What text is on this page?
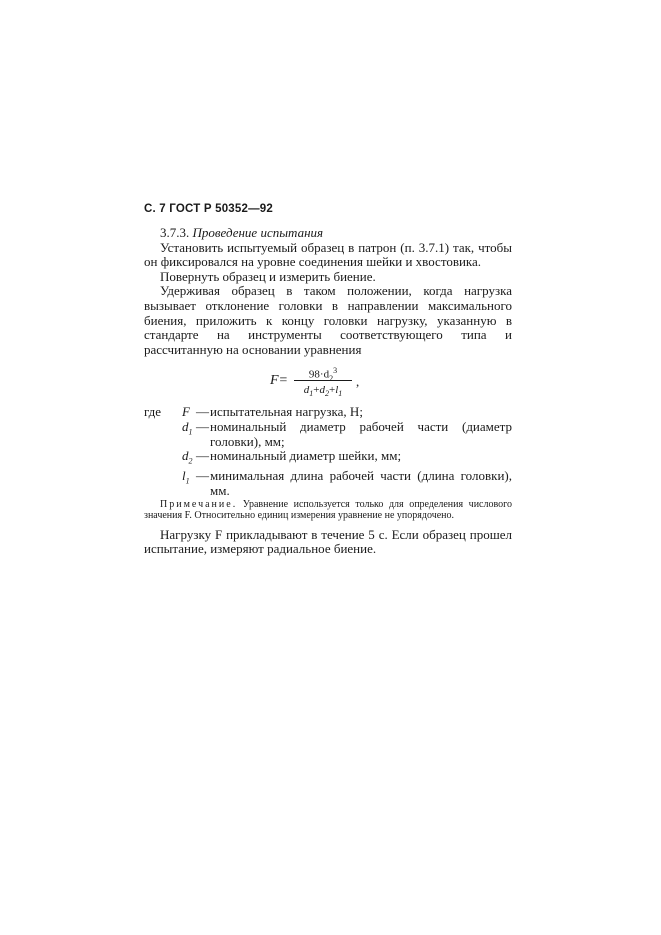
С. 7 ГОСТ Р 50352—92

3.7.3. Проведение испытания

Установить испытуемый образец в патрон (п. 3.7.1) так, чтобы он фиксировался на уровне соединения шейки и хвостовика.

Повернуть образец и измерить биение.

Удерживая образец в таком положении, когда нагрузка вызывает отклонение головки в направлении максимального биения, приложить к концу головки нагрузку, указанную в стандарте на инструменты соответствующего типа и рассчитанную на основании уравнения

F=	$98\cdot d_2^3$
$d_1+d_2+l_1$
,
где	F — испытательная нагрузка, Н;
$d_1$ — номинальный диаметр рабочей части (диаметр головки), мм;
$d_2$ — номинальный диаметр шейки, мм;
$l_1$ — минимальная длина рабочей части (длина головки), мм.

Примечание. Уравнение используется только для определения числового значения F. Относительно единиц измерения уравнение не упорядочено.

Нагрузку F прикладывают в течение 5 с. Если образец прошел испытание, измеряют радиальное биение.
